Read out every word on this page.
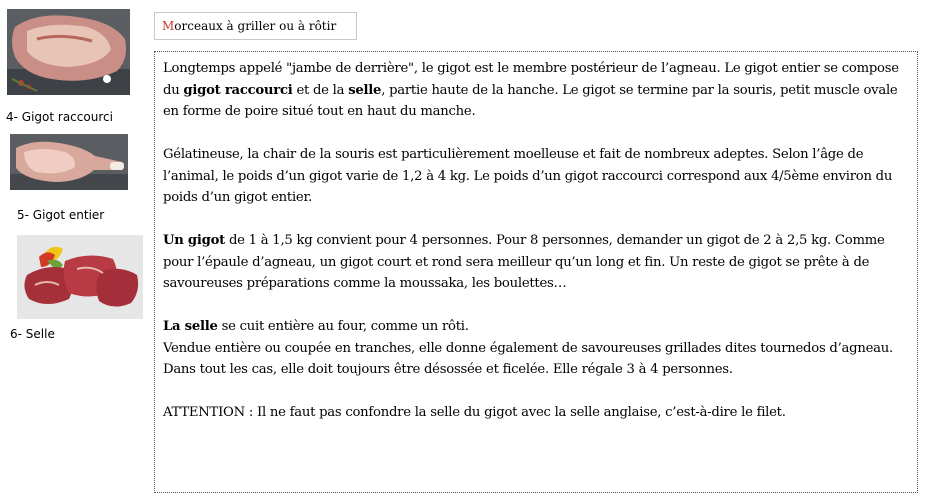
4- Gigot raccourci
5- Gigot entier
6- Selle
Morceaux à griller ou à rôtir

Longtemps appelé "jambe de derrière", le gigot est le membre postérieur de l’agneau. Le gigot entier se compose du gigot raccourci et de la selle, partie haute de la hanche. Le gigot se termine par la souris, petit muscle ovale en forme de poire situé tout en haut du manche.

Gélatineuse, la chair de la souris est particulièrement moelleuse et fait de nombreux adeptes. Selon l’âge de l’animal, le poids d’un gigot varie de 1,2 à 4 kg. Le poids d’un gigot raccourci correspond aux 4/5ème environ du poids d’un gigot entier.

Un gigot de 1 à 1,5 kg convient pour 4 personnes. Pour 8 personnes, demander un gigot de 2 à 2,5 kg. Comme pour l’épaule d’agneau, un gigot court et rond sera meilleur qu’un long et fin. Un reste de gigot se prête à de savoureuses préparations comme la moussaka, les boulettes…

La selle se cuit entière au four, comme un rôti.
Vendue entière ou coupée en tranches, elle donne également de savoureuses grillades dites tournedos d’agneau. Dans tout les cas, elle doit toujours être désossée et ficelée. Elle régale 3 à 4 personnes.

ATTENTION : Il ne faut pas confondre la selle du gigot avec la selle anglaise, c’est-à-dire le filet.
